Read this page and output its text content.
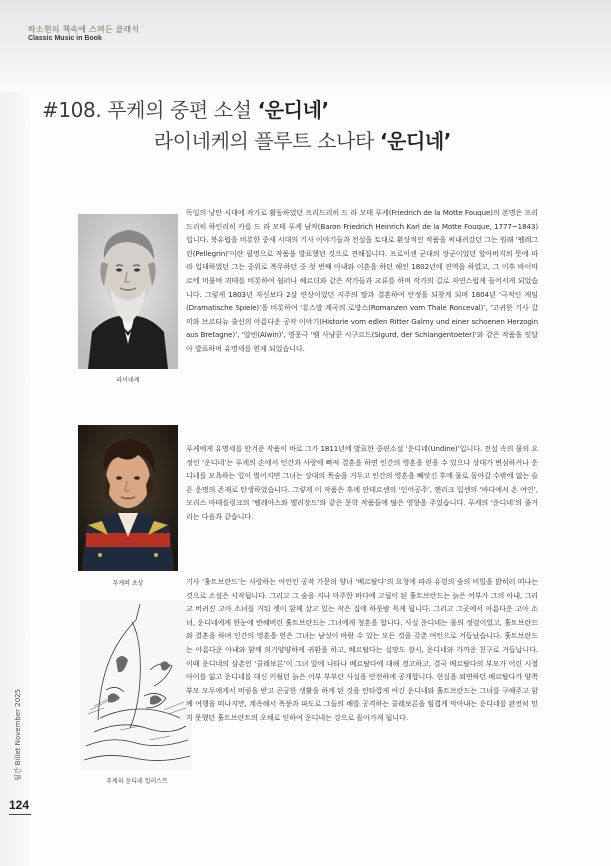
박소현의 책속에 스며든 클래식
Classic Music in Book
#108. 푸케의 중편 소설 ‘운디네’
라이네케의 플루트 소나타 ‘운디네’
라이네케
푸케의 초상
푸케의 운디네 일러스트

독일의 낭만 시대에 작가로 활동하였던 프리드리히 드 라 모테 푸케(Friedrich de la Motte Fouque)의 본명은 프리드리히 하인리히 카를 드 라 모테 푸케 남작(Baron Friedrich Heinrich Karl de la Motte Fouque, 1777~1843)입니다. 북유럽을 비롯한 중세 시대의 기사 이야기들과 전설을 토대로 환상적인 작품을 써내려갔던 그는 원래 ‘펠레그린(Pellegrin)’이란 필명으로 작품을 발표했던 것으로 전해집니다. 프로이센 군대의 장군이었던 할아버지의 뜻에 따라 입대하였던 그는 중위로 복무하던 중 첫 번째 아내와 이혼을 하던 해인 1802년에 전역을 하였고, 그 이후 바이마르에 머물며 괴테를 비롯하여 쉴러나 헤르더와 같은 작가들과 교류를 하며 작가의 길로 자연스럽게 들어서게 되었습니다. 그렇게 1803년 자신보다 2살 연상이었던 지주의 딸과 결혼하여 안정을 되찾게 되며 1804년 ‘극적인 게임(Dramatische Spiele)’을 비롯하여 ‘롱스발 계곡의 로망스(Romanzen vom Thale Ronceval)’, ‘고귀한 기사 갈미와 브르타뉴 출신의 아름다운 공작 이야기(Historie vom edlen Ritter Galmy und einer schoenen Herzogin aus Bretagne)’, ‘알빈(Alwin)’, 영웅극 ‘뱀 사냥꾼 시구르드(Sigurd, der Schlangentoeter)’와 같은 작품을 잇달아 발표하며 유명세를 얻게 되었습니다.

푸케에게 유명세를 안겨준 작품이 바로 그가 1811년에 발표한 중편소설 ‘운디네(Undine)’입니다. 전설 속의 물의 요정인 ‘운디네’는 푸케의 손에서 인간과 사랑에 빠져 결혼을 하면 인간의 영혼을 얻을 수 있으나 상대가 변심하거나 운디네를 모욕하는 일이 벌어지면 그녀는 상대의 목숨을 거두고 인간의 영혼을 빼앗긴 후에 물로 돌아갈 수밖에 없는 슬픈 운명의 존재로 탄생하였습니다. 그렇게 이 작품은 후에 안데르센의 ‘인어공주’, 헨리크 입센의 ‘바다에서 온 여인’, 모리스 마테를링크의 ‘펠레아스와 멜리장드’와 같은 문학 작품들에 많은 영향을 주었습니다. 푸케의 ‘운디네’의 줄거리는 다음과 같습니다.

기사 ‘훌트브란드’는 사랑하는 여인인 공작 가문의 양녀 ‘베르탈다’의 요청에 따라 유령의 숲의 비밀을 밝히러 떠나는 것으로 소설은 시작됩니다. 그리고 그 숲을 지나 마주한 바다에 고립이 된 훌트브란드는 늙은 어부가 그의 아내, 그리고 버려진 고아 소녀를 거둬 셋이 함께 살고 있는 작은 집에 하룻밤 묵게 됩니다. 그리고 그곳에서 아름다운 고아 소녀, 운디네에게 한눈에 반해버린 훌트브란드는 그녀에게 청혼을 합니다. 사실 운디네는 물의 정령이었고, 훌트브란드와 결혼을 하며 인간의 영혼을 얻은 그녀는 남성이 바람 수 있는 모든 것을 갖춘 여인으로 거듭났습니다. 훌트브란드는 아름다운 아내와 함께 의기양양하게 귀환을 하고, 베르탈다는 실망도 잠시, 운디네와 가까운 친구로 거듭납니다. 이때 운디네의 삼촌인 ‘쿨레보른’이 그녀 앞에 나타나 베르탈다에 대해 경고하고, 결국 베르탈다의 부모가 어린 시절 아이를 잃고 운디네를 대신 키웠던 늙은 어부 부부란 사실을 안전하에 공개합니다. 현실을 외면하던 베르탈다가 양쪽 부모 모두에게서 버림을 받고 곤궁한 생활을 하게 된 것을 안타깝게 여긴 운디네와 훌트브란드는 그녀를 구해주고 함께 여행을 떠나지만, 계속해서 폭풍과 파도로 그들의 배를 공격하는 쿨레보른을 힘겹게 막아내는 운디네를 완전히 믿지 못했던 훌트브란트의 오해로 인하여 운디네는 강으로 돌아가게 됩니다.

월간 Billet November 2025
124
